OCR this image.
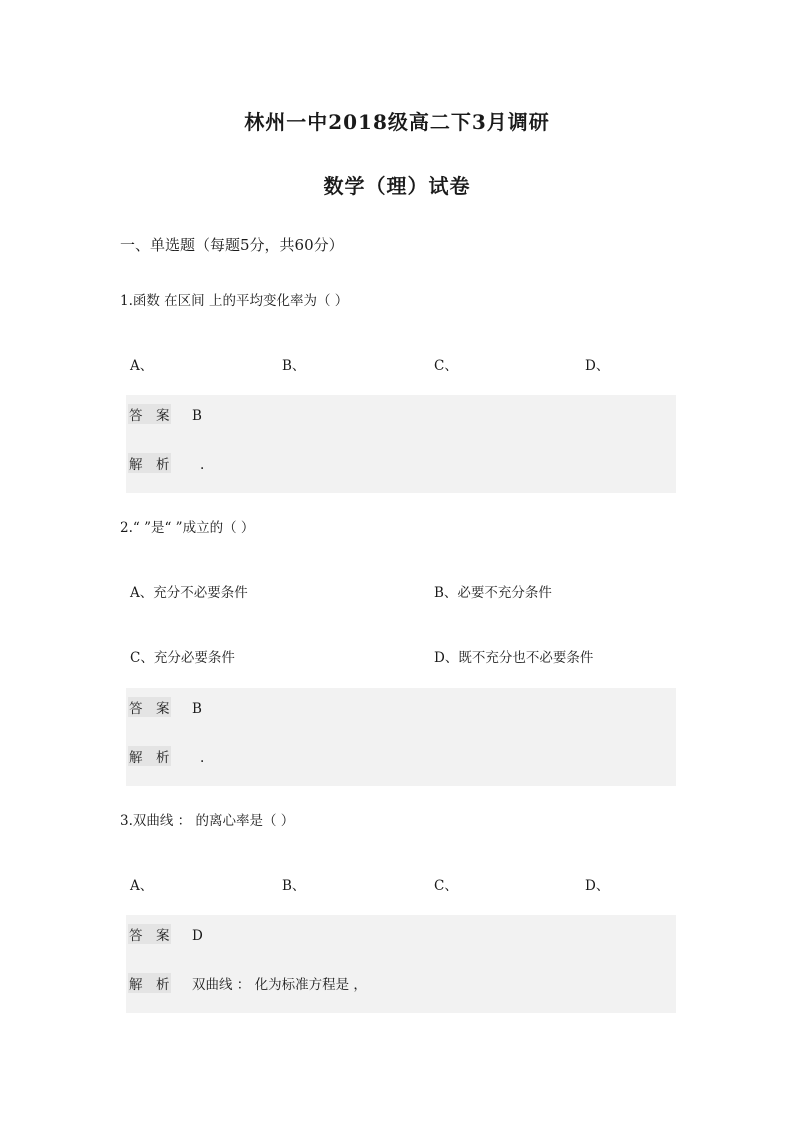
林州一中2018级高二下3月调研
数学（理）试卷
一、单选题（每题5分，共60分）
1.函数 在区间 上的平均变化率为（ ）
A、	B、	C、	D、
答　案 B
解　析 .
2.“ ”是“ ”成立的（ ）
A、充分不必要条件	B、必要不充分条件
C、充分必要条件	D、既不充分也不必要条件
答　案 B
解　析 .
3.双曲线 ： 的离心率是（ ）
A、	B、	C、	D、
答　案 D
解　析 双曲线 ： 化为标准方程是 ，
